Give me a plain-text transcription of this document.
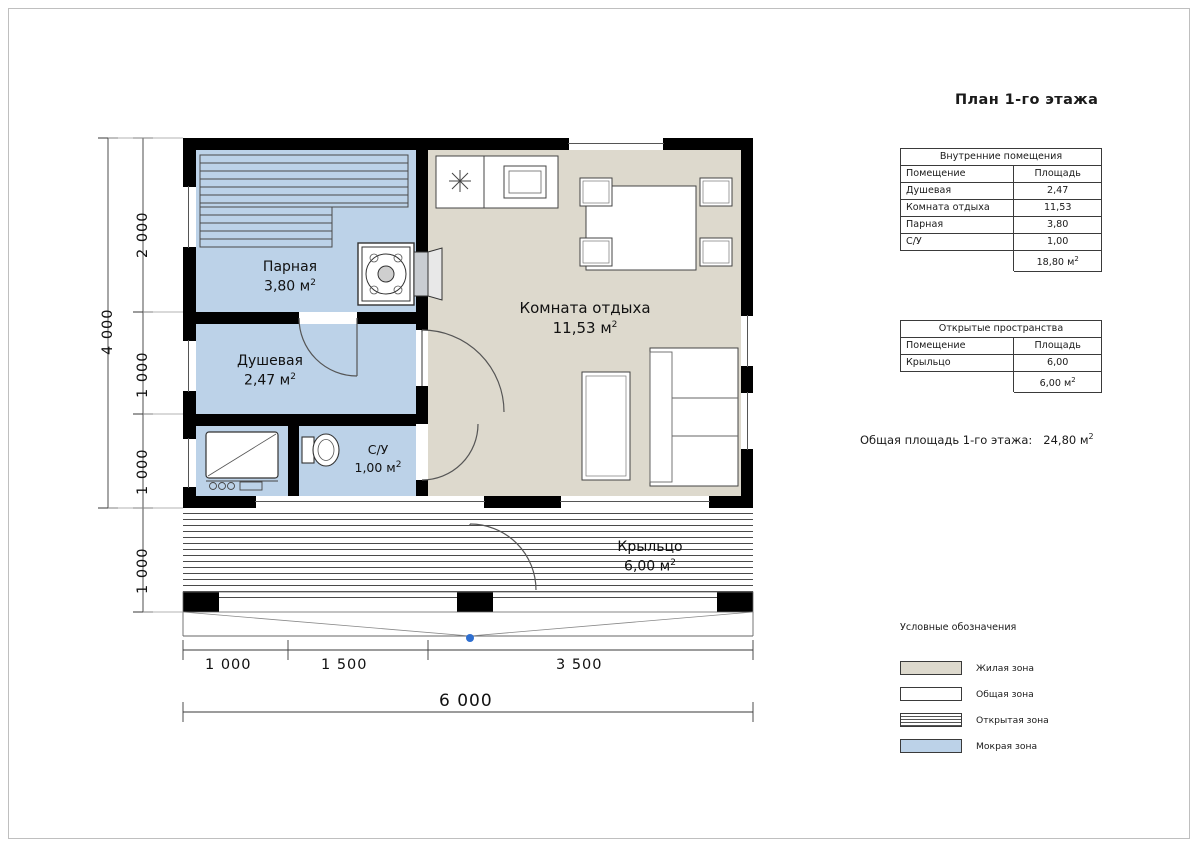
Парная
3,80 $м^2$
Душевая
2,47 $м^2$
С/У
1,00 $м^2$
Комната отдыха
11,53 $м^2$
Крыльцо
6,00 $м^2$
4 000
2 000
1 000
1 000
1 000
1 000	1 500	3 500
6 000
План 1-го этажа
Внутренние помещения	
Помещение	Площадь
Душевая	2,47
Комната отдыха	11,53
Парная	3,80
С/У	1,00
	18,80 $м^2$
Открытые пространства	
Помещение	Площадь
Крыльцо	6,00
	6,00 $м^2$
Общая площадь 1-го этажа: 24,80 $м^2$
Условные обозначения
Жилая зона
Общая зона
Открытая зона
Мокрая зона
